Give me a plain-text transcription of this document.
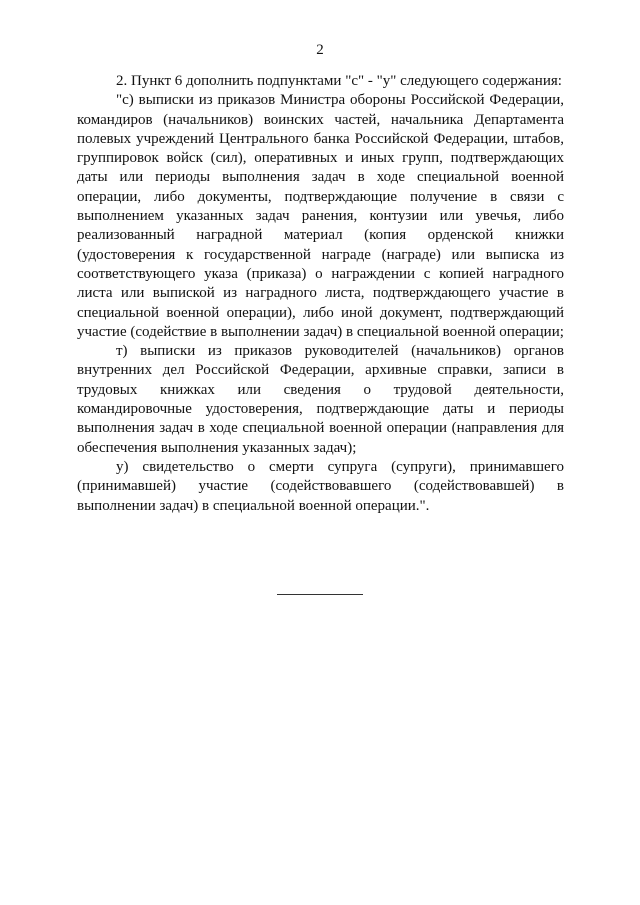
2

2. Пункт 6 дополнить подпунктами "с" - "у" следующего содержания:

"с) выписки из приказов Министра обороны Российской Федерации, командиров (начальников) воинских частей, начальника Департамента полевых учреждений Центрального банка Российской Федерации, штабов, группировок войск (сил), оперативных и иных групп, подтверждающих даты или периоды выполнения задач в ходе специальной военной операции, либо документы, подтверждающие получение в связи с выполнением указанных задач ранения, контузии или увечья, либо реализованный наградной материал (копия орденской книжки (удостоверения к государственной награде (награде) или выписка из соответствующего указа (приказа) о награждении с копией наградного листа или выпиской из наградного листа, подтверждающего участие в специальной военной операции), либо иной документ, подтверждающий участие (содействие в выполнении задач) в специальной военной операции;

т) выписки из приказов руководителей (начальников) органов внутренних дел Российской Федерации, архивные справки, записи в трудовых книжках или сведения о трудовой деятельности, командировочные удостоверения, подтверждающие даты и периоды выполнения задач в ходе специальной военной операции (направления для обеспечения выполнения указанных задач);

у) свидетельство о смерти супруга (супруги), принимавшего (принимавшей) участие (содействовавшего (содействовавшей) в выполнении задач) в специальной военной операции.".
